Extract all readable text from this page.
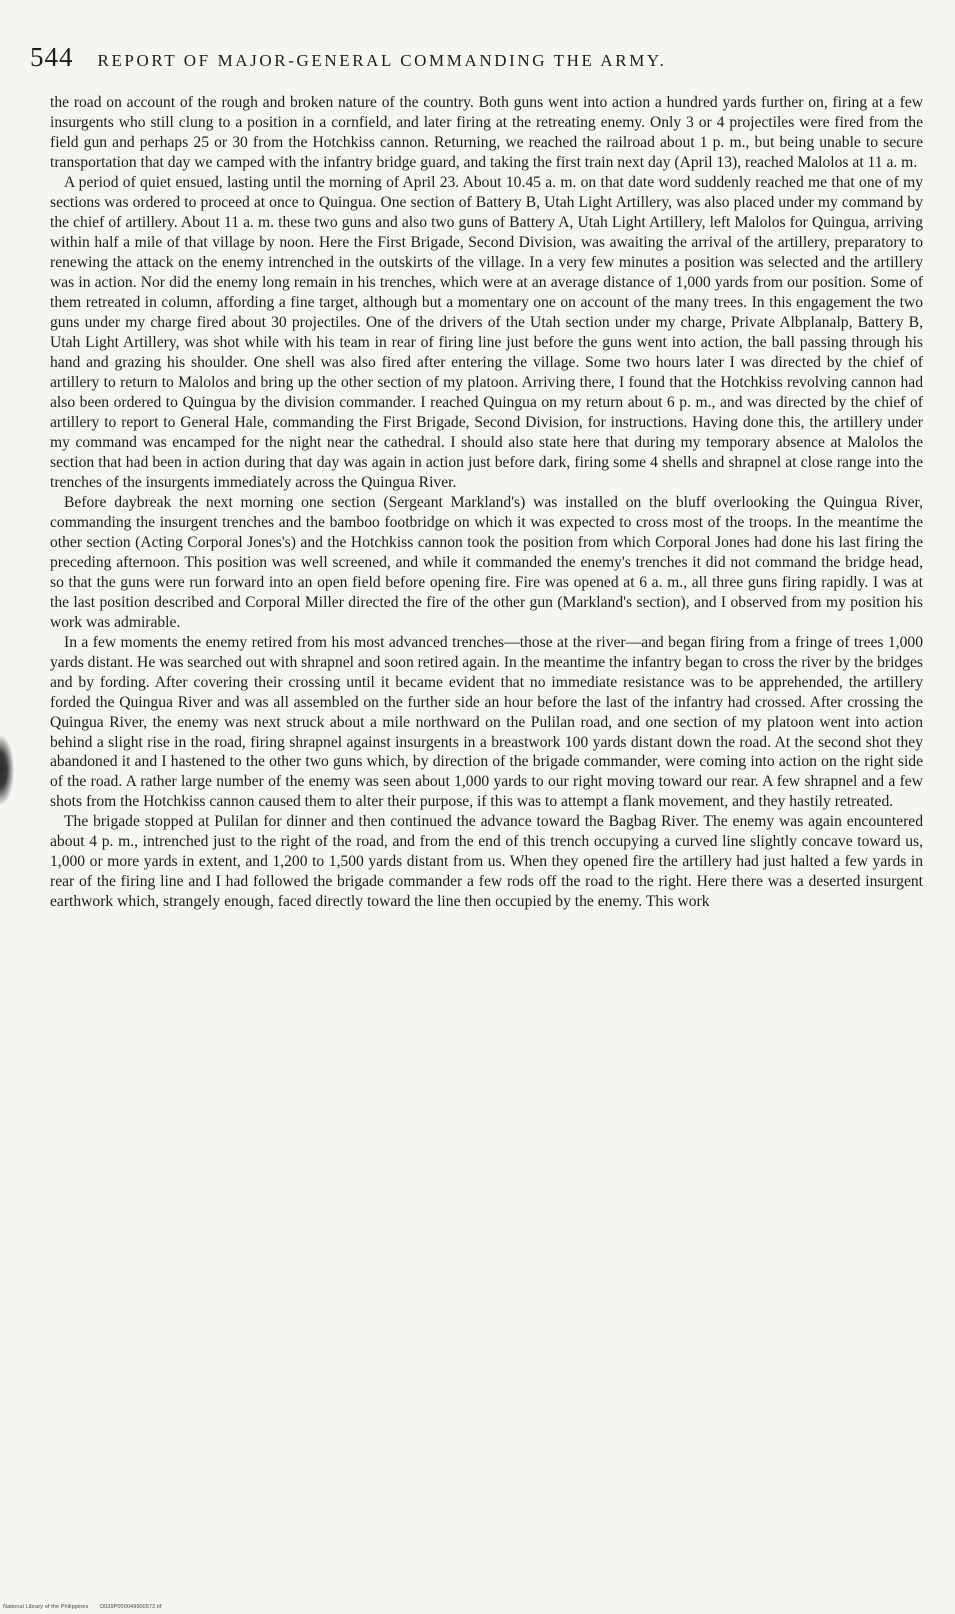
544 REPORT OF MAJOR-GENERAL COMMANDING THE ARMY.

the road on account of the rough and broken nature of the country. Both guns went into action a hundred yards further on, firing at a few insurgents who still clung to a position in a cornfield, and later firing at the retreating enemy. Only 3 or 4 projectiles were fired from the field gun and perhaps 25 or 30 from the Hotchkiss cannon. Returning, we reached the railroad about 1 p. m., but being unable to secure transportation that day we camped with the infantry bridge guard, and taking the first train next day (April 13), reached Malolos at 11 a. m.

A period of quiet ensued, lasting until the morning of April 23. About 10.45 a. m. on that date word suddenly reached me that one of my sections was ordered to proceed at once to Quingua. One section of Battery B, Utah Light Artillery, was also placed under my command by the chief of artillery. About 11 a. m. these two guns and also two guns of Battery A, Utah Light Artillery, left Malolos for Quingua, arriving within half a mile of that village by noon. Here the First Brigade, Second Division, was awaiting the arrival of the artillery, preparatory to renewing the attack on the enemy intrenched in the outskirts of the village. In a very few minutes a position was selected and the artillery was in action. Nor did the enemy long remain in his trenches, which were at an average distance of 1,000 yards from our position. Some of them retreated in column, affording a fine target, although but a momentary one on account of the many trees. In this engagement the two guns under my charge fired about 30 projectiles. One of the drivers of the Utah section under my charge, Private Albplanalp, Battery B, Utah Light Artillery, was shot while with his team in rear of firing line just before the guns went into action, the ball passing through his hand and grazing his shoulder. One shell was also fired after entering the village. Some two hours later I was directed by the chief of artillery to return to Malolos and bring up the other section of my platoon. Arriving there, I found that the Hotchkiss revolving cannon had also been ordered to Quingua by the division commander. I reached Quingua on my return about 6 p. m., and was directed by the chief of artillery to report to General Hale, commanding the First Brigade, Second Division, for instructions. Having done this, the artillery under my command was encamped for the night near the cathedral. I should also state here that during my temporary absence at Malolos the section that had been in action during that day was again in action just before dark, firing some 4 shells and shrapnel at close range into the trenches of the insurgents immediately across the Quingua River.

Before daybreak the next morning one section (Sergeant Markland's) was installed on the bluff overlooking the Quingua River, commanding the insurgent trenches and the bamboo footbridge on which it was expected to cross most of the troops. In the meantime the other section (Acting Corporal Jones's) and the Hotchkiss cannon took the position from which Corporal Jones had done his last firing the preceding afternoon. This position was well screened, and while it commanded the enemy's trenches it did not command the bridge head, so that the guns were run forward into an open field before opening fire. Fire was opened at 6 a. m., all three guns firing rapidly. I was at the last position described and Corporal Miller directed the fire of the other gun (Markland's section), and I observed from my position his work was admirable.

In a few moments the enemy retired from his most advanced trenches—those at the river—and began firing from a fringe of trees 1,000 yards distant. He was searched out with shrapnel and soon retired again. In the meantime the infantry began to cross the river by the bridges and by fording. After covering their crossing until it became evident that no immediate resistance was to be apprehended, the artillery forded the Quingua River and was all assembled on the further side an hour before the last of the infantry had crossed. After crossing the Quingua River, the enemy was next struck about a mile northward on the Pulilan road, and one section of my platoon went into action behind a slight rise in the road, firing shrapnel against insurgents in a breastwork 100 yards distant down the road. At the second shot they abandoned it and I hastened to the other two guns which, by direction of the brigade commander, were coming into action on the right side of the road. A rather large number of the enemy was seen about 1,000 yards to our right moving toward our rear. A few shrapnel and a few shots from the Hotchkiss cannon caused them to alter their purpose, if this was to attempt a flank movement, and they hastily retreated.

The brigade stopped at Pulilan for dinner and then continued the advance toward the Bagbag River. The enemy was again encountered about 4 p. m., intrenched just to the right of the road, and from the end of this trench occupying a curved line slightly concave toward us, 1,000 or more yards in extent, and 1,200 to 1,500 yards distant from us. When they opened fire the artillery had just halted a few yards in rear of the firing line and I had followed the brigade commander a few rods off the road to the right. Here there was a deserted insurgent earthwork which, strangely enough, faced directly toward the line then occupied by the enemy. This work

National Library of the Philippines D039P000049900572.tif
